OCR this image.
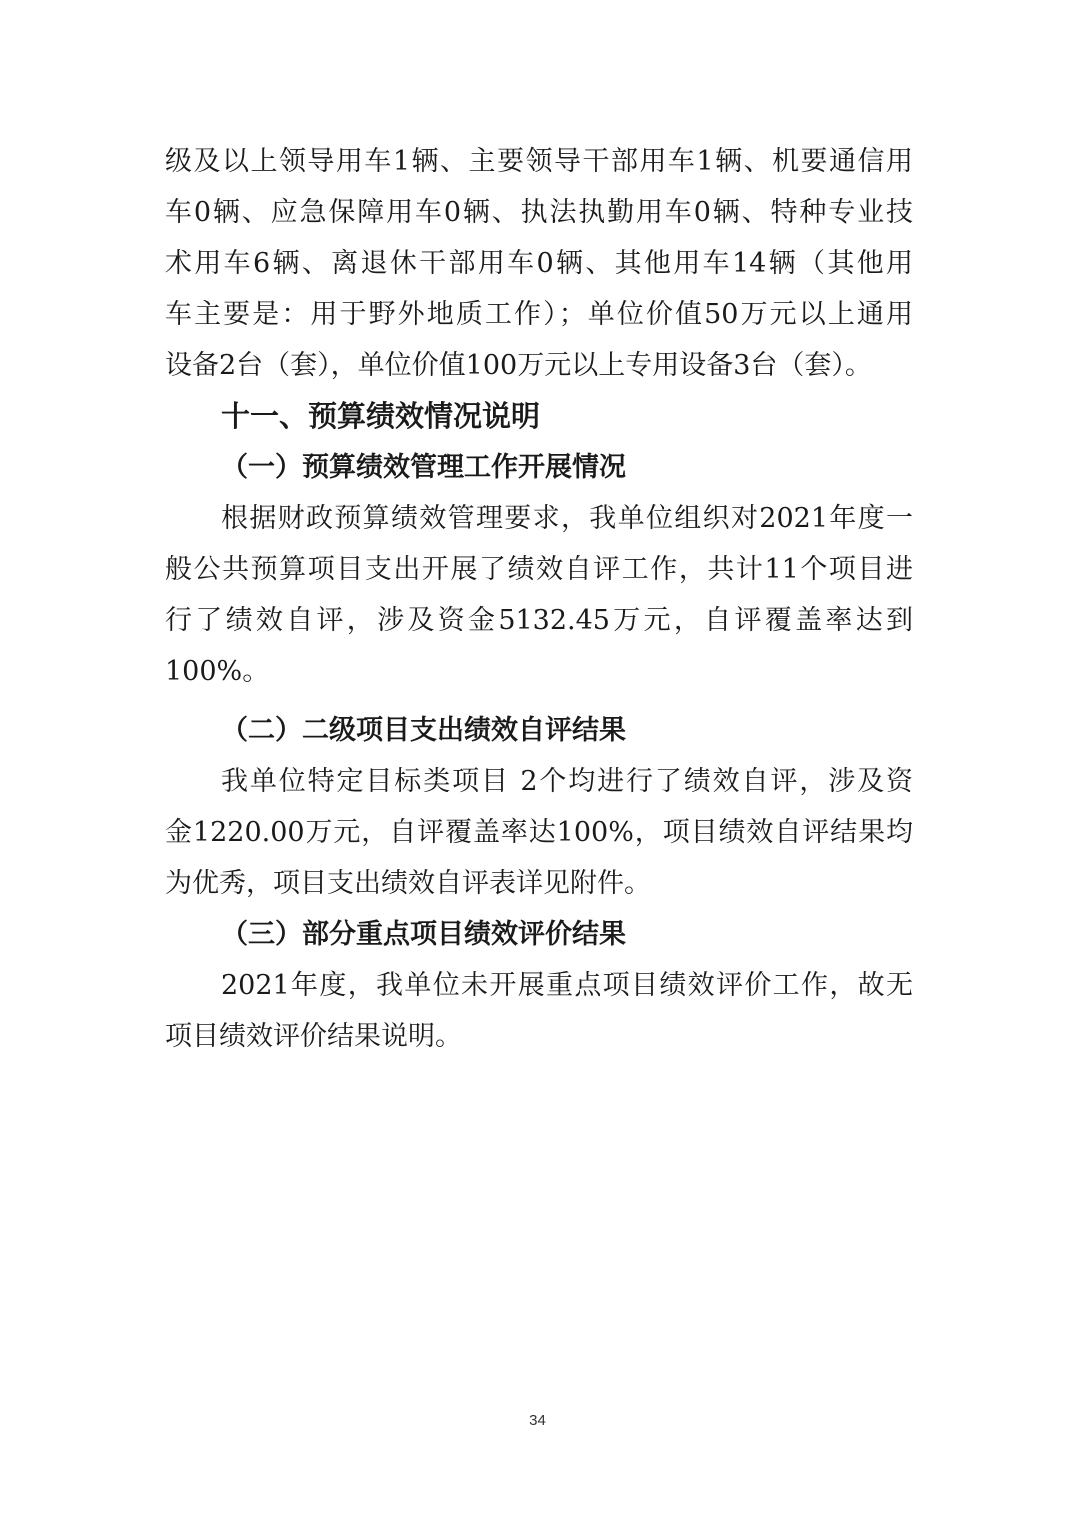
级及以上领导用车1辆、主要领导干部用车1辆、机要通信用
车0辆、应急保障用车0辆、执法执勤用车0辆、特种专业技
术用车6辆、离退休干部用车0辆、其他用车14辆（其他用
车主要是：用于野外地质工作）；单位价值50万元以上通用
设备2台（套），单位价值100万元以上专用设备3台（套）。
十一、预算绩效情况说明
（一）预算绩效管理工作开展情况
根据财政预算绩效管理要求，我单位组织对2021年度一
般公共预算项目支出开展了绩效自评工作，共计11个项目进
行了绩效自评，涉及资金5132.45万元，自评覆盖率达到
100%。
（二）二级项目支出绩效自评结果
我单位特定目标类项目 2个均进行了绩效自评，涉及资
金1220.00万元，自评覆盖率达100%，项目绩效自评结果均
为优秀，项目支出绩效自评表详见附件。
（三）部分重点项目绩效评价结果
2021年度，我单位未开展重点项目绩效评价工作，故无
项目绩效评价结果说明。
34
